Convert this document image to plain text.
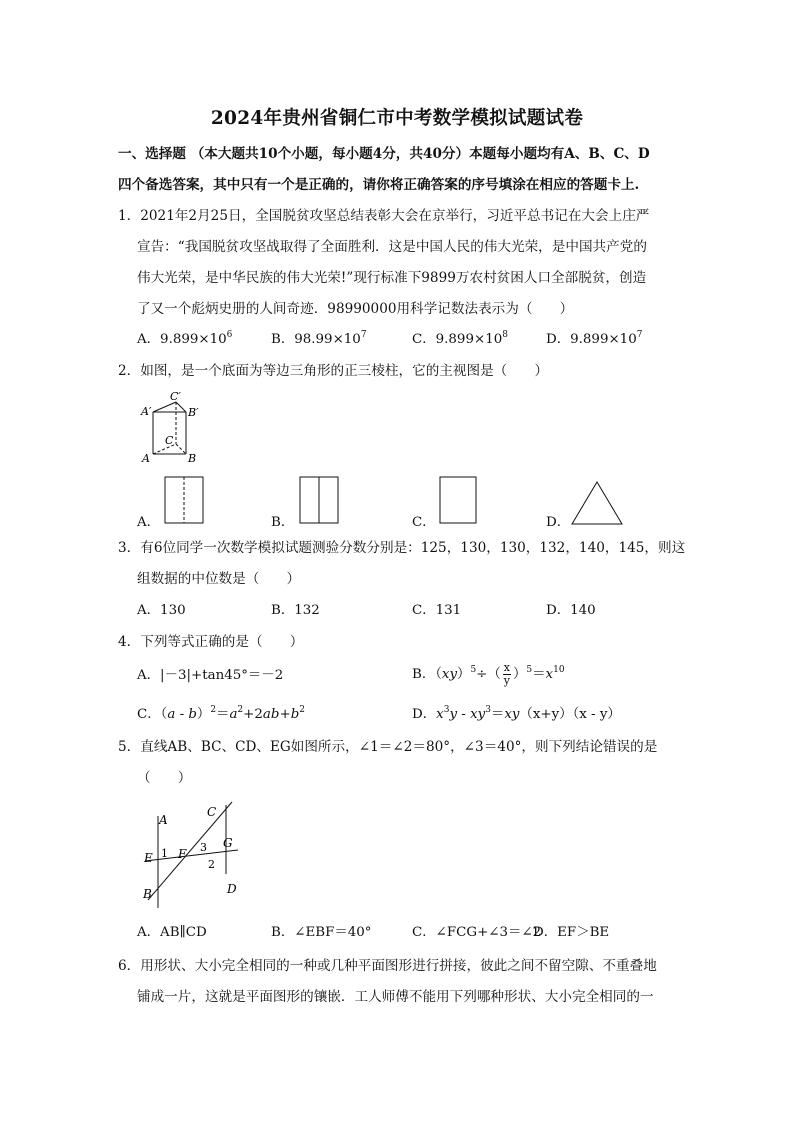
2024年贵州省铜仁市中考数学模拟试题试卷
一、选择题 （本大题共10个小题，每小题4分，共40分）本题每小题均有A、B、C、D
四个备选答案，其中只有一个是正确的，请你将正确答案的序号填涂在相应的答题卡上.
1．2021年2月25日，全国脱贫攻坚总结表彰大会在京举行，习近平总书记在大会上庄严
宣告：“我国脱贫攻坚战取得了全面胜利．这是中国人民的伟大光荣，是中国共产党的
伟大光荣，是中华民族的伟大光荣!”现行标准下9899万农村贫困人口全部脱贫，创造
了又一个彪炳史册的人间奇迹．98990000用科学记数法表示为（　　）
A．$9.899\times 10^6$	B．$98.99\times 10^7$	C．$9.899\times 10^8$	D．$9.899\times 10^7$
2．如图，是一个底面为等边三角形的正三棱柱，它的主视图是（　　）
A′
C′
B′
C
A	B
A．	B．	C．	D．
3．有6位同学一次数学模拟试题测验分数分别是：125，130，130，132，140，145，则这
组数据的中位数是（　　）
A．130	B．132	C．131	D．140
4．下列等式正确的是（　　）
A．|－3|+tan45°＝－2	B．$(xy)^5\div( \frac{x}{y} )^5=x^{10}$
C．$(a - b)^2=a^2+2ab+b^2$	D．$x^3y - xy^3=xy(x+y)(x - y)$
5．直线AB、BC、CD、EG如图所示，∠1＝∠2＝80°，∠3＝40°，则下列结论错误的是
（　　）
A
C
E 1 F 3 G
2
B	D
A．AB∥CD	B．∠EBF＝40°	C．∠FCG+∠3＝∠2
D．EF＞BE
6．用形状、大小完全相同的一种或几种平面图形进行拼接，彼此之间不留空隙、不重叠地
铺成一片，这就是平面图形的镶嵌．工人师傅不能用下列哪种形状、大小完全相同的一
